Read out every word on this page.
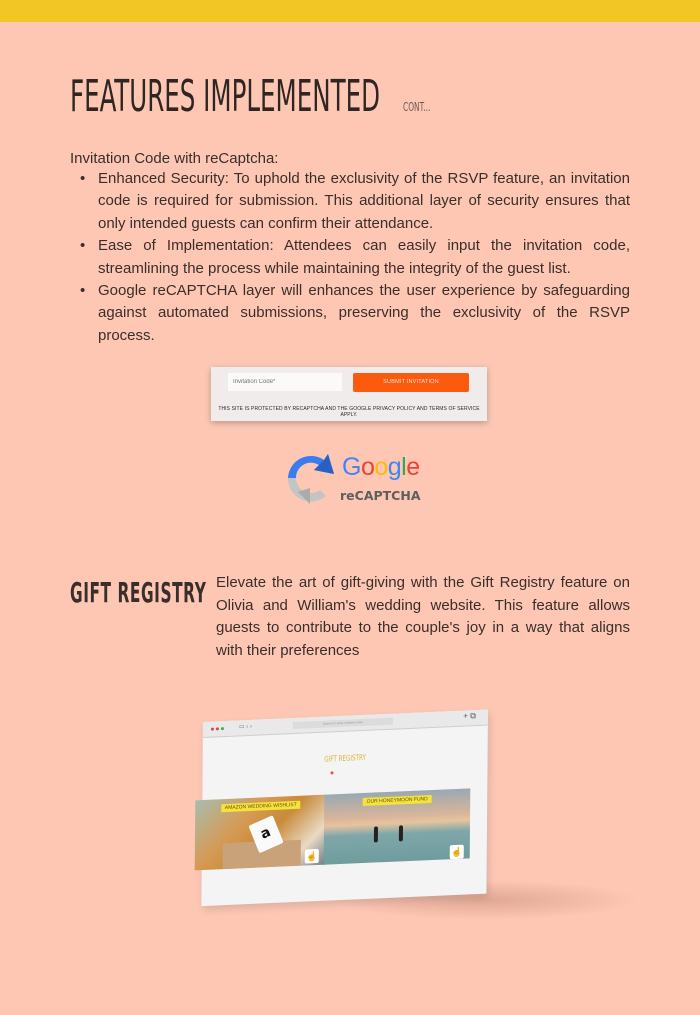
FEATURES IMPLEMENTED CONT...

Invitation Code with reCaptcha:

• Enhanced Security: To uphold the exclusivity of the RSVP feature, an invitation code is required for submission. This additional layer of security ensures that only intended guests can confirm their attendance.
• Ease of Implementation: Attendees can easily input the invitation code, streamlining the process while maintaining the integrity of the guest list.
• Google reCAPTCHA layer will enhances the user experience by safeguarding against automated submissions, preserving the exclusivity of the RSVP process.
Invitation Code*
SUBMIT INVITATION
THIS SITE IS PROTECTED BY RECAPTCHA AND THE GOOGLE PRIVACY POLICY AND TERMS OF SERVICE APPLY.
Google
reCAPTCHA
GIFT REGISTRY Elevate the art of gift-giving with the Gift Registry feature on Olivia and William's wedding website. This feature allows guests to contribute to the couple's joy in a way that aligns with their preferences

▭ ‹ ›
Search or enter website name
+ ⧉
GIFT REGISTRY
a
AMAZON WEDDING WISHLIST
☝
OUR HONEYMOON FUND
☝
